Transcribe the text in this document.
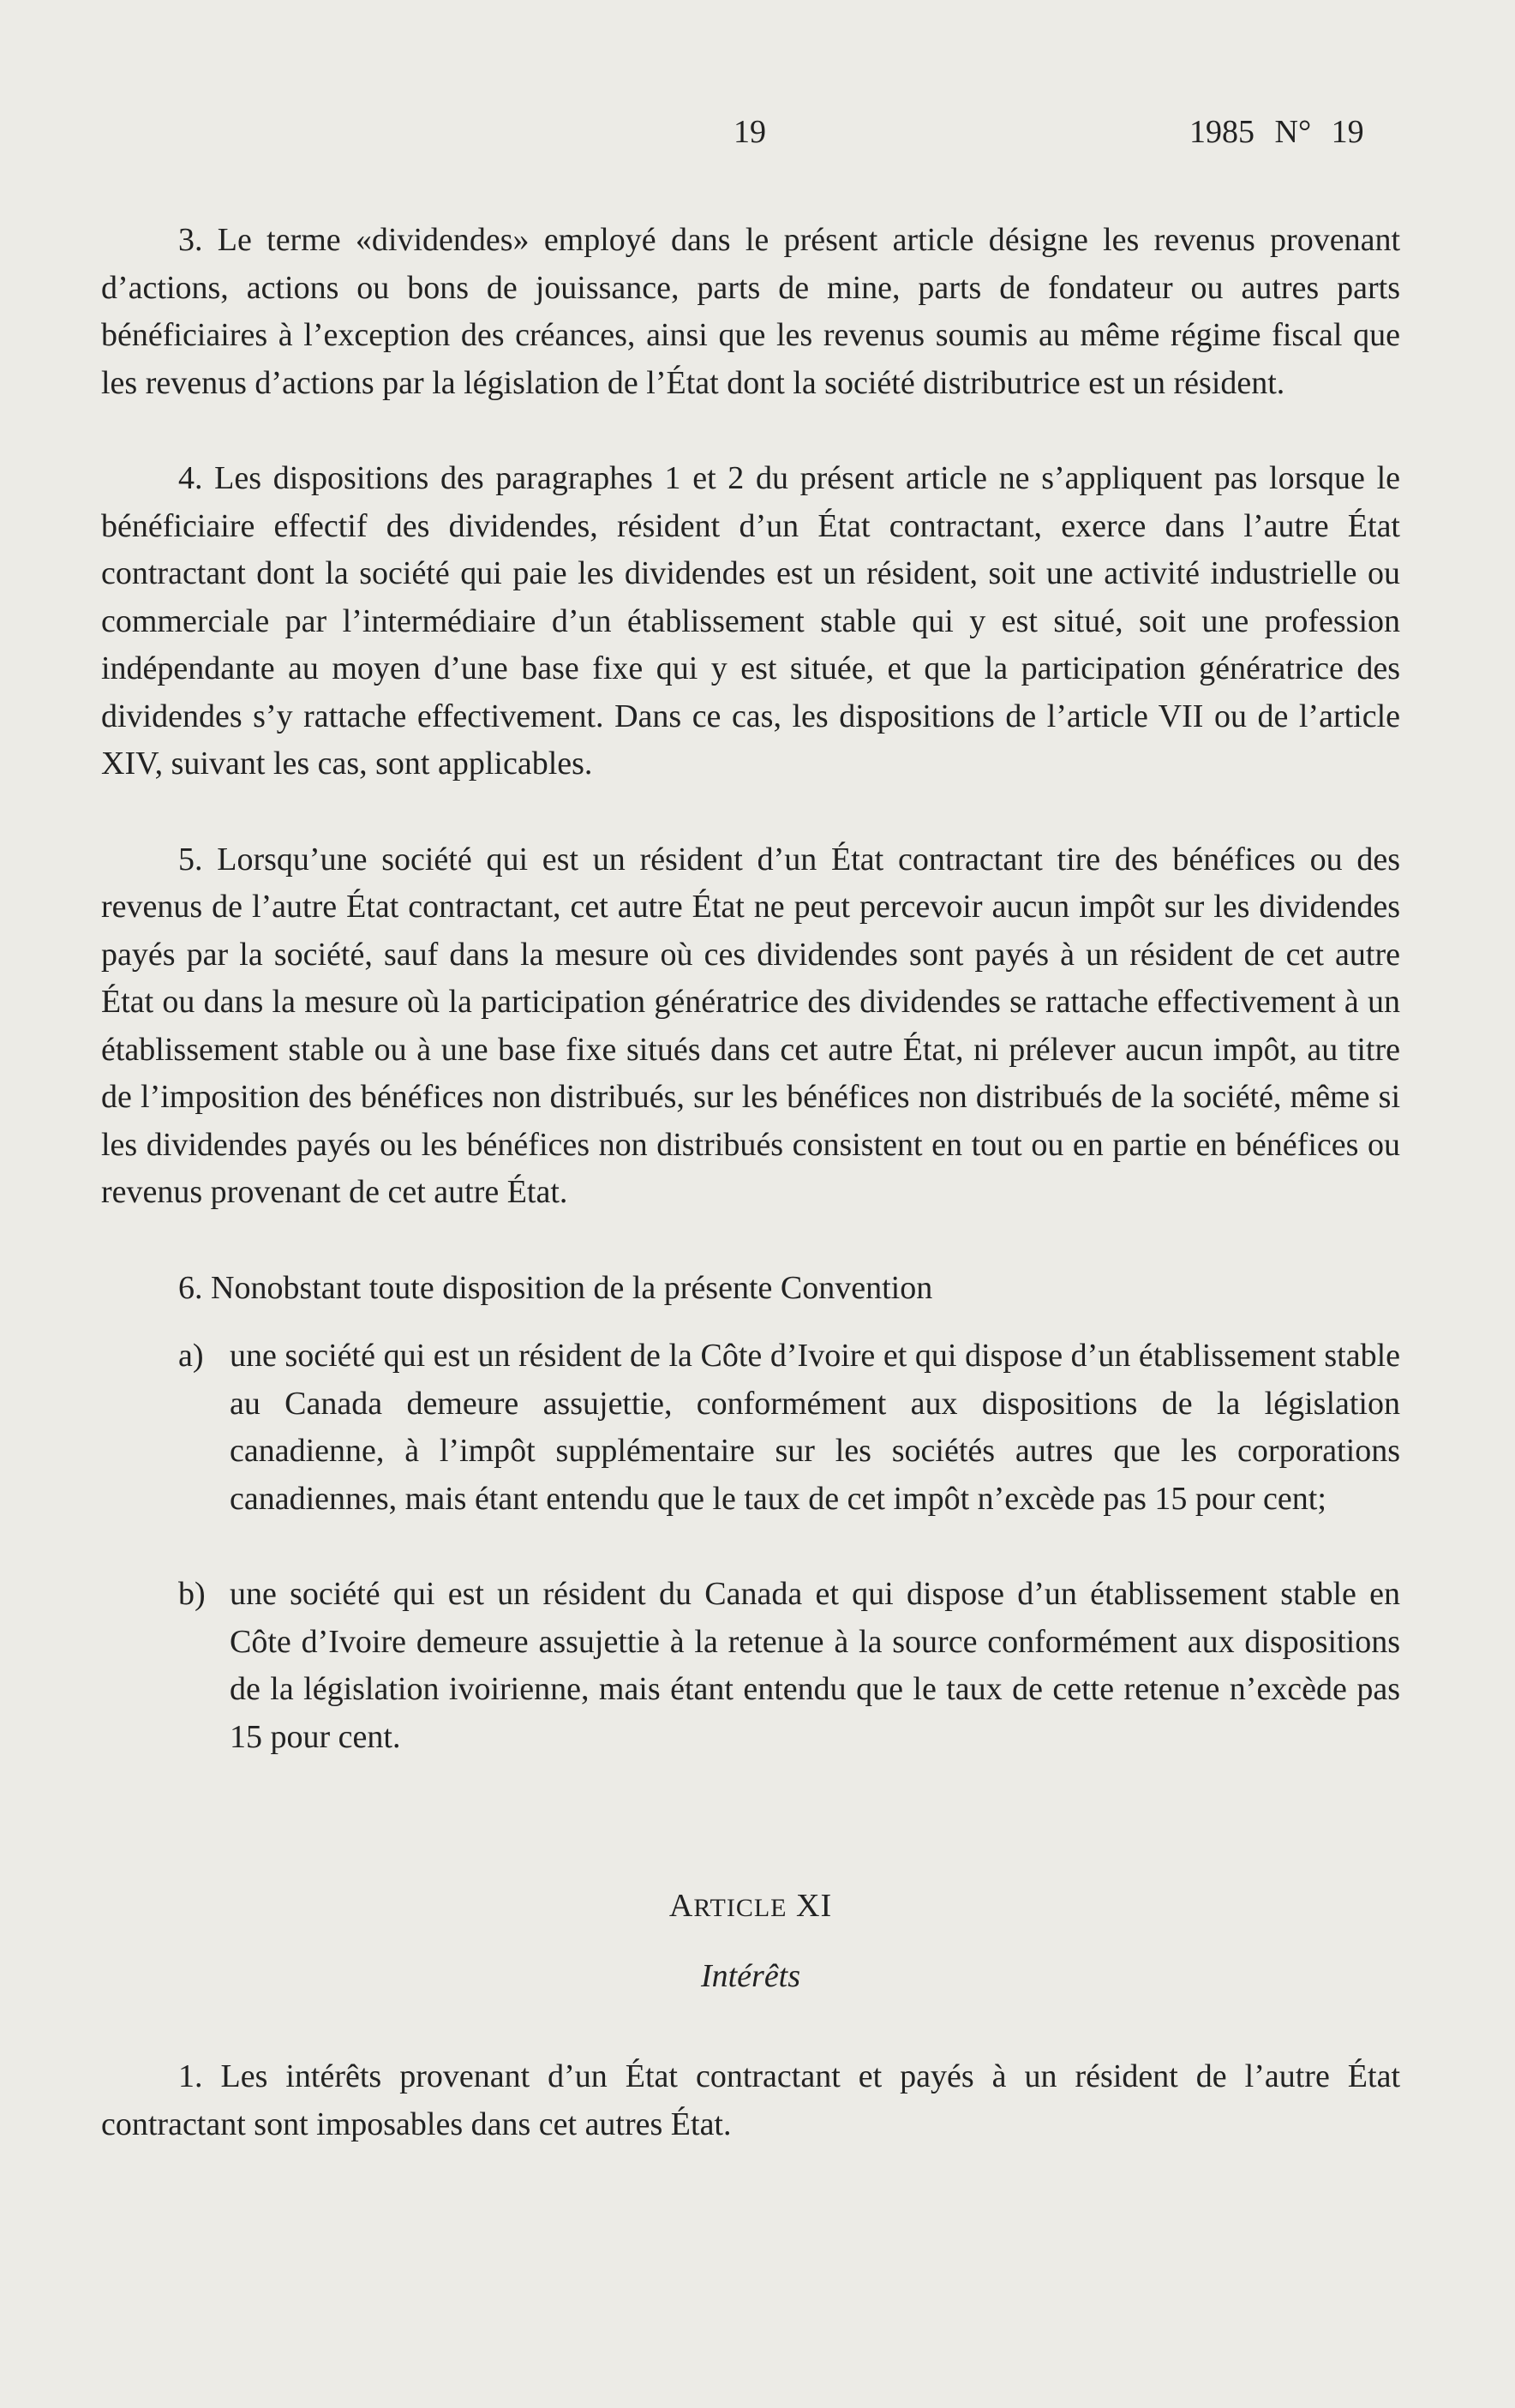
19	1985 N° 19

3. Le terme «dividendes» employé dans le présent article désigne les revenus provenant d’actions, actions ou bons de jouissance, parts de mine, parts de fondateur ou autres parts bénéficiaires à l’exception des créances, ainsi que les revenus soumis au même régime fiscal que les revenus d’actions par la législation de l’État dont la société distributrice est un résident.

4. Les dispositions des paragraphes 1 et 2 du présent article ne s’appliquent pas lorsque le bénéficiaire effectif des dividendes, résident d’un État contractant, exerce dans l’autre État contractant dont la société qui paie les dividendes est un résident, soit une activité industrielle ou commerciale par l’intermédiaire d’un établissement stable qui y est situé, soit une profession indépendante au moyen d’une base fixe qui y est située, et que la participation génératrice des dividendes s’y rattache effectivement. Dans ce cas, les dispositions de l’article VII ou de l’article XIV, suivant les cas, sont applicables.

5. Lorsqu’une société qui est un résident d’un État contractant tire des bénéfices ou des revenus de l’autre État contractant, cet autre État ne peut percevoir aucun impôt sur les dividendes payés par la société, sauf dans la mesure où ces dividendes sont payés à un résident de cet autre État ou dans la mesure où la participation génératrice des dividendes se rattache effectivement à un établissement stable ou à une base fixe situés dans cet autre État, ni prélever aucun impôt, au titre de l’imposition des bénéfices non distribués, sur les bénéfices non distribués de la société, même si les dividendes payés ou les bénéfices non distribués consistent en tout ou en partie en bénéfices ou revenus provenant de cet autre État.

6. Nonobstant toute disposition de la présente Convention

a) une société qui est un résident de la Côte d’Ivoire et qui dispose d’un établissement stable au Canada demeure assujettie, conformément aux dispositions de la législation canadienne, à l’impôt supplémentaire sur les sociétés autres que les corporations canadiennes, mais étant entendu que le taux de cet impôt n’excède pas 15 pour cent;
b) une société qui est un résident du Canada et qui dispose d’un établissement stable en Côte d’Ivoire demeure assujettie à la retenue à la source conformément aux dispositions de la législation ivoirienne, mais étant entendu que le taux de cette retenue n’excède pas 15 pour cent.
ARTICLE XI
Intérêts

1. Les intérêts provenant d’un État contractant et payés à un résident de l’autre État contractant sont imposables dans cet autres État.
